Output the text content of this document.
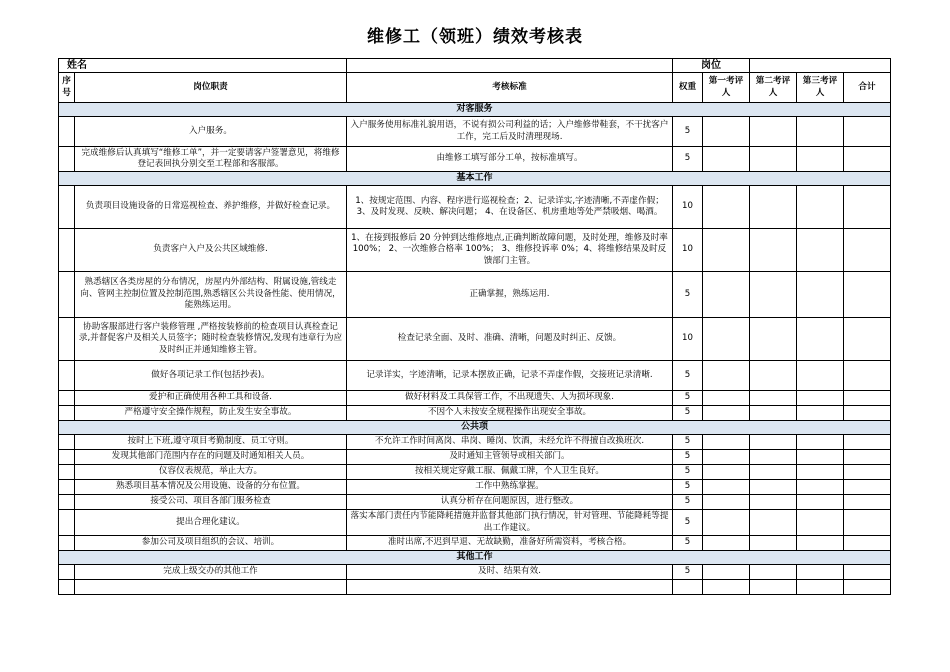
维修工（领班）绩效考核表
姓名			岗位				
序号	岗位职责	考核标准	权重	第一考评人	第二考评人	第三考评人	合计
对客服务							
	入户服务。	入户服务使用标准礼貌用语，不说有损公司利益的话；入户维修带鞋套，不干扰客户工作，完工后及时清理现场.	5				
	完成维修后认真填写“维修工单”，并一定要请客户签署意见，将维修登记表回执分别交至工程部和客服部。	由维修工填写部分工单，按标准填写。	5				
基本工作							
	负责项目设施设备的日常巡视检查、养护维修，并做好检查记录。	1、按规定范围、内容、程序进行巡视检查；2、记录详实,字迹清晰,不弄虚作假； 3、及时发现、反映、解决问题； 4、在设备区、机房重地等处严禁吸烟、喝酒。	10				
	负责客户入户及公共区域维修.	1、在接到报修后 20 分钟到达维修地点,正确判断故障问题，及时处理，维修及时率 100%； 2、一次维修合格率 100%； 3、维修投诉率 0%；4、将维修结果及时反馈部门主管。	10				
	熟悉辖区各类房屋的分布情况，房屋内外部结构、附属设施,管线走向、管网主控制位置及控制范围,熟悉辖区公共设备性能、使用情况，能熟练运用。	正确掌握，熟练运用.	5				
	协助客服部进行客户装修管理 ,严格按装修前的检查项目认真检查记录,并督促客户及相关人员签字；随时检查装修情况,发现有违章行为应及时纠正并通知维修主管。	检查记录全面、及时、准确、清晰，问题及时纠正、反馈。	10				
	做好各项记录工作(包括抄表)。	记录详实，字迹清晰，记录本摆放正确，记录不弄虚作假，交接班记录清晰.	5				
	爱护和正确使用各种工具和设备.	做好材料及工具保管工作，不出现遗失、人为损坏现象.	5				
	严格遵守安全操作规程，防止发生安全事故。	不因个人未按安全规程操作出现安全事故。	5				
公共项							
	按时上下班,遵守项目考勤制度、员工守则。	不允许工作时间离岗、串岗、睡岗、饮酒，未经允许不得擅自改换班次.	5				
	发现其他部门范围内存在的问题及时通知相关人员。	及时通知主管领导或相关部门。	5				
	仪容仪表规范，举止大方。	按相关规定穿戴工服、佩戴工牌，个人卫生良好。	5				
	熟悉项目基本情况及公用设施、设备的分布位置。	工作中熟练掌握。	5				
	接受公司、项目各部门服务检查	认真分析存在问题原因，进行整改。	5				
	提出合理化建议。	落实本部门责任内节能降耗措施并监督其他部门执行情况，针对管理、节能降耗等提出工作建议。	5				
	参加公司及项目组织的会议、培训。	准时出席,不迟到早退、无故缺勤，准备好所需资料，考核合格。	5				
其他工作							
	完成上级交办的其他工作	及时、结果有效.	5				
